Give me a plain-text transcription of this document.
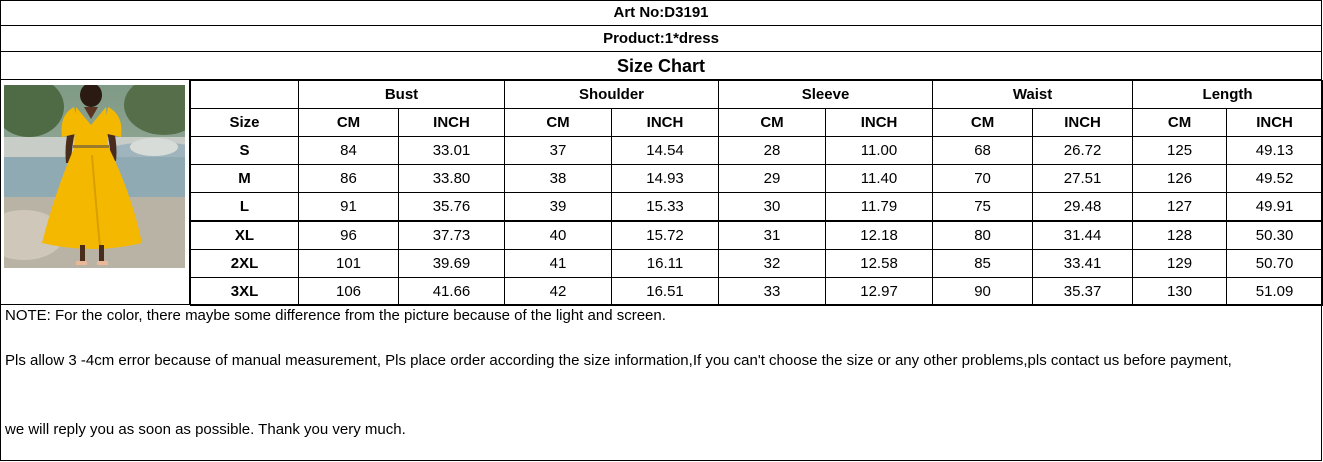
Art No:D3191
Product:1*dress
Size Chart
	Bust		Shoulder		Sleeve		Waist		Length	
Size	CM	INCH	CM	INCH	CM	INCH	CM	INCH	CM	INCH
S	84	33.01	37	14.54	28	11.00	68	26.72	125	49.13
M	86	33.80	38	14.93	29	11.40	70	27.51	126	49.52
L	91	35.76	39	15.33	30	11.79	75	29.48	127	49.91
XL	96	37.73	40	15.72	31	12.18	80	31.44	128	50.30
2XL	101	39.69	41	16.11	32	12.58	85	33.41	129	50.70
3XL	106	41.66	42	16.51	33	12.97	90	35.37	130	51.09
NOTE: For the color, there maybe some difference from the picture because of the light and screen.
Pls allow 3 -4cm error because of manual measurement, Pls place order according the size information,If you can't choose the size or any other problems,pls contact us before payment,
we will reply you as soon as possible. Thank you very much.
